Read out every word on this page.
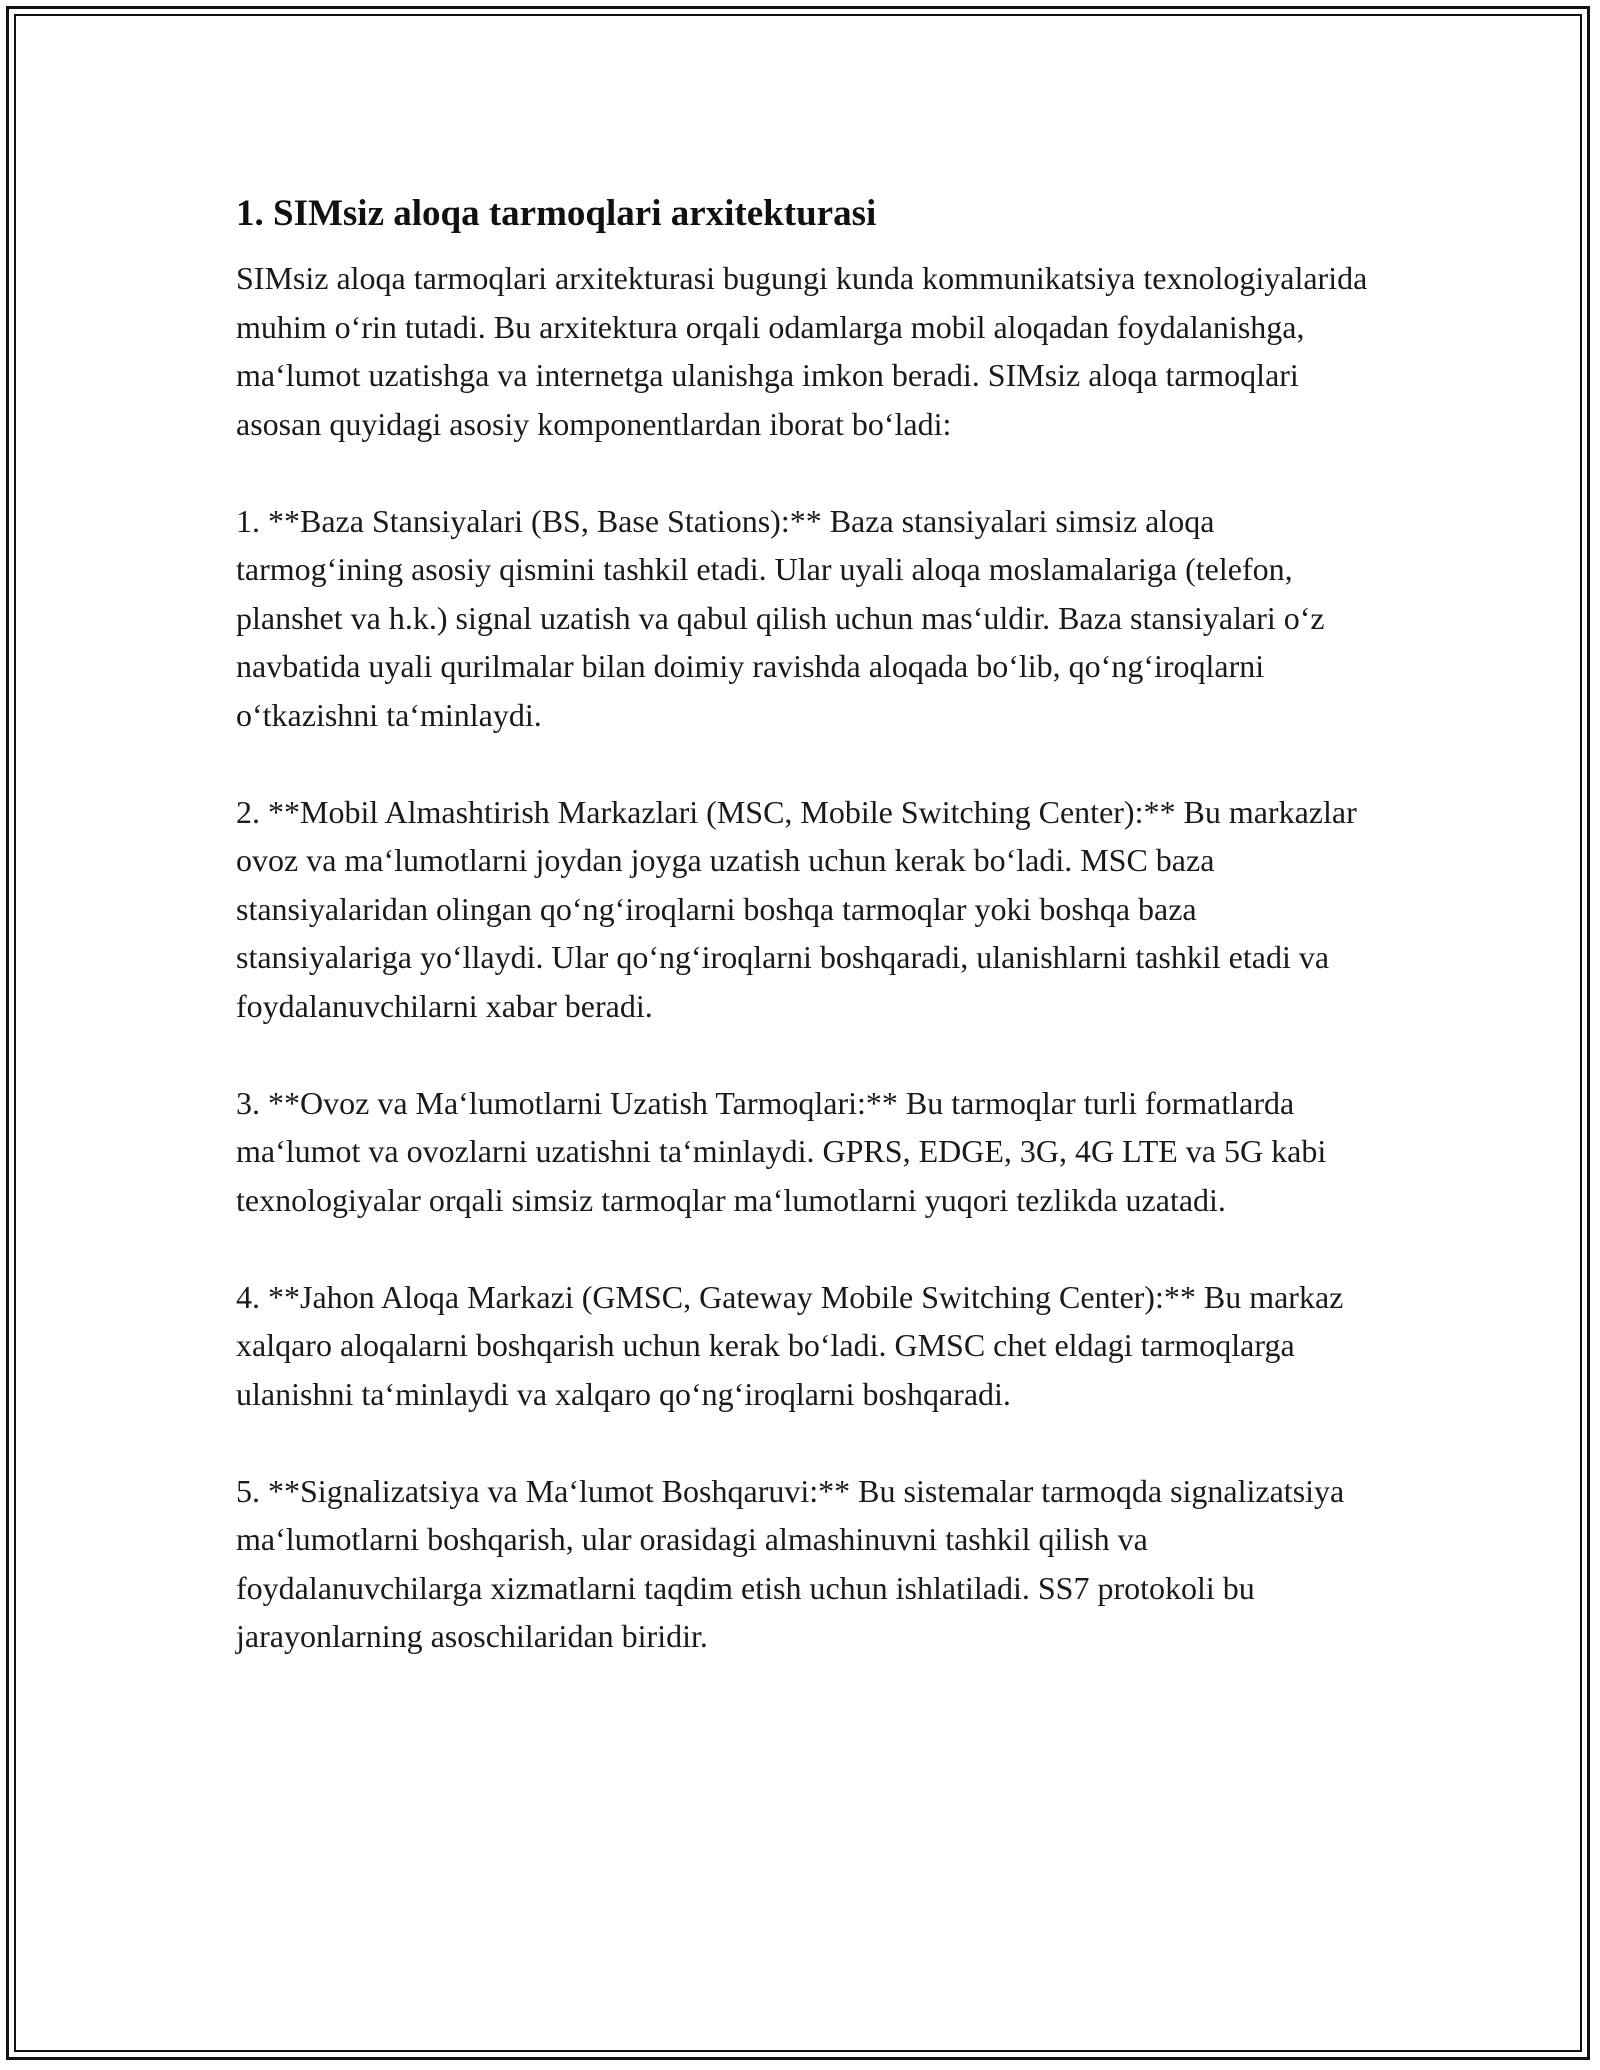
1. SIMsiz aloqa tarmoqlari arxitekturasi

SIMsiz aloqa tarmoqlari arxitekturasi bugungi kunda kommunikatsiya texnologiyalarida muhim o‘rin tutadi. Bu arxitektura orqali odamlarga mobil aloqadan foydalanishga, ma‘lumot uzatishga va internetga ulanishga imkon beradi. SIMsiz aloqa tarmoqlari asosan quyidagi asosiy komponentlardan iborat bo‘ladi:

1. **Baza Stansiyalari (BS, Base Stations):** Baza stansiyalari simsiz aloqa tarmog‘ining asosiy qismini tashkil etadi. Ular uyali aloqa moslamalariga (telefon, planshet va h.k.) signal uzatish va qabul qilish uchun mas‘uldir. Baza stansiyalari o‘z navbatida uyali qurilmalar bilan doimiy ravishda aloqada bo‘lib, qo‘ng‘iroqlarni o‘tkazishni ta‘minlaydi.

2. **Mobil Almashtirish Markazlari (MSC, Mobile Switching Center):** Bu markazlar ovoz va ma‘lumotlarni joydan joyga uzatish uchun kerak bo‘ladi. MSC baza stansiyalaridan olingan qo‘ng‘iroqlarni boshqa tarmoqlar yoki boshqa baza stansiyalariga yo‘llaydi. Ular qo‘ng‘iroqlarni boshqaradi, ulanishlarni tashkil etadi va foydalanuvchilarni xabar beradi.

3. **Ovoz va Ma‘lumotlarni Uzatish Tarmoqlari:** Bu tarmoqlar turli formatlarda ma‘lumot va ovozlarni uzatishni ta‘minlaydi. GPRS, EDGE, 3G, 4G LTE va 5G kabi texnologiyalar orqali simsiz tarmoqlar ma‘lumotlarni yuqori tezlikda uzatadi.

4. **Jahon Aloqa Markazi (GMSC, Gateway Mobile Switching Center):** Bu markaz xalqaro aloqalarni boshqarish uchun kerak bo‘ladi. GMSC chet eldagi tarmoqlarga ulanishni ta‘minlaydi va xalqaro qo‘ng‘iroqlarni boshqaradi.

5. **Signalizatsiya va Ma‘lumot Boshqaruvi:** Bu sistemalar tarmoqda signalizatsiya ma‘lumotlarni boshqarish, ular orasidagi almashinuvni tashkil qilish va foydalanuvchilarga xizmatlarni taqdim etish uchun ishlatiladi. SS7 protokoli bu jarayonlarning asoschilaridan biridir.
